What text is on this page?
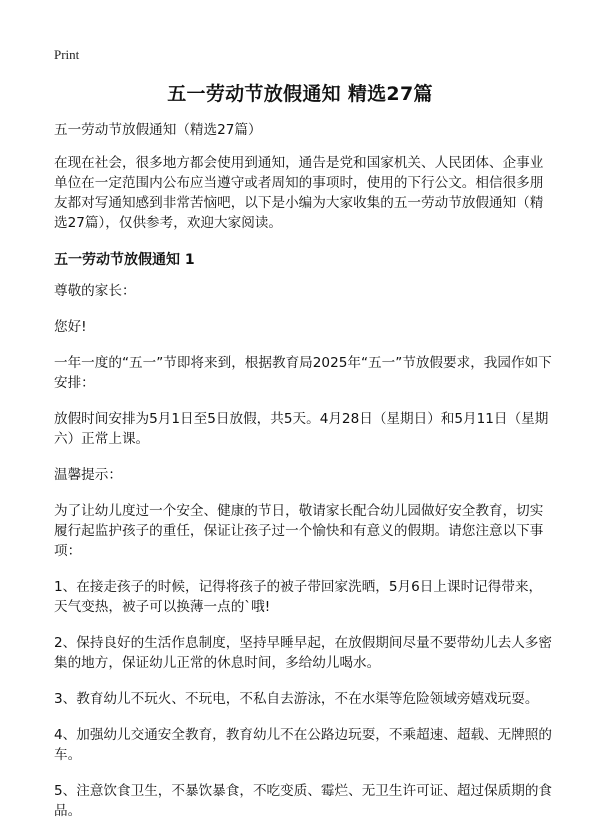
Print
五一劳动节放假通知 精选27篇

五一劳动节放假通知（精选27篇）

在现在社会，很多地方都会使用到通知，通告是党和国家机关、人民团体、企事业单位在一定范围内公布应当遵守或者周知的事项时，使用的下行公文。相信很多朋友都对写通知感到非常苦恼吧，以下是小编为大家收集的五一劳动节放假通知（精选27篇），仅供参考，欢迎大家阅读。

五一劳动节放假通知 1

尊敬的家长：

您好!

一年一度的“五一”节即将来到，根据教育局2025年“五一”节放假要求，我园作如下安排：

放假时间安排为5月1日至5日放假，共5天。4月28日（星期日）和5月11日（星期六）正常上课。

温馨提示：

为了让幼儿度过一个安全、健康的节日，敬请家长配合幼儿园做好安全教育，切实履行起监护孩子的重任，保证让孩子过一个愉快和有意义的假期。请您注意以下事项：

1、在接走孩子的时候，记得将孩子的被子带回家洗晒，5月6日上课时记得带来，天气变热，被子可以换薄一点的`哦!

2、保持良好的生活作息制度，坚持早睡早起，在放假期间尽量不要带幼儿去人多密集的地方，保证幼儿正常的休息时间，多给幼儿喝水。

3、教育幼儿不玩火、不玩电，不私自去游泳，不在水渠等危险领域旁嬉戏玩耍。

4、加强幼儿交通安全教育，教育幼儿不在公路边玩耍，不乘超速、超载、无牌照的车。

5、注意饮食卫生，不暴饮暴食，不吃变质、霉烂、无卫生许可证、超过保质期的食品。
